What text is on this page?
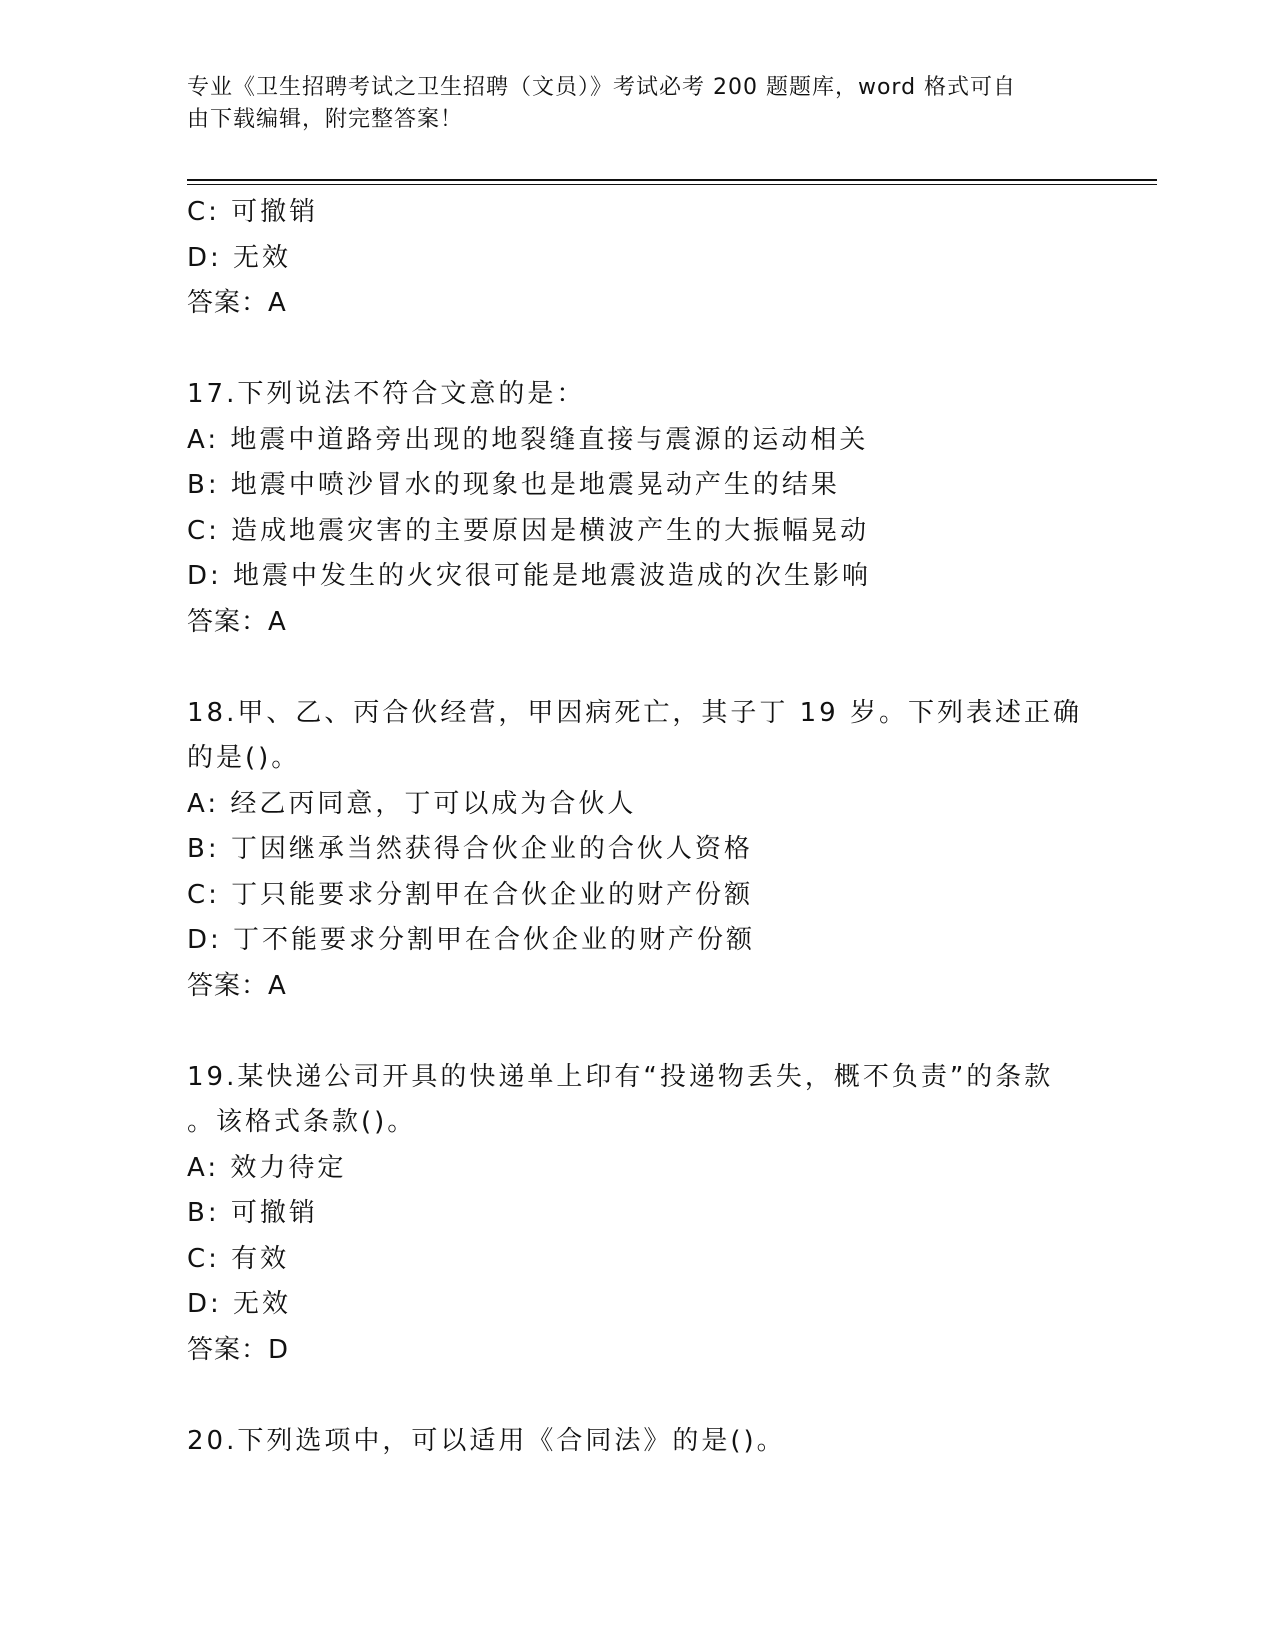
专业《卫生招聘考试之卫生招聘（文员）》考试必考 200 题题库，word 格式可自
由下载编辑，附完整答案！
C: 可撤销
D: 无效
答案：A
17.下列说法不符合文意的是：
A: 地震中道路旁出现的地裂缝直接与震源的运动相关
B: 地震中喷沙冒水的现象也是地震晃动产生的结果
C: 造成地震灾害的主要原因是横波产生的大振幅晃动
D: 地震中发生的火灾很可能是地震波造成的次生影响
答案：A
18.甲、乙、丙合伙经营，甲因病死亡，其子丁 19 岁。下列表述正确
的是()。
A: 经乙丙同意，丁可以成为合伙人
B: 丁因继承当然获得合伙企业的合伙人资格
C: 丁只能要求分割甲在合伙企业的财产份额
D: 丁不能要求分割甲在合伙企业的财产份额
答案：A
19.某快递公司开具的快递单上印有“投递物丢失，概不负责”的条款
。该格式条款()。
A: 效力待定
B: 可撤销
C: 有效
D: 无效
答案：D
20.下列选项中，可以适用《合同法》的是()。
